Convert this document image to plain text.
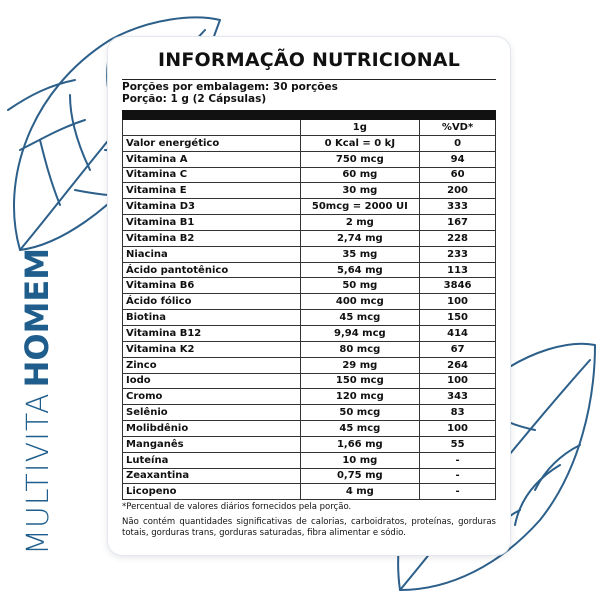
MULTIVITA HOMEM
INFORMAÇÃO NUTRICIONAL
Porções por embalagem: 30 porções
Porção: 1 g (2 Cápsulas)

	1g	%VD*
Valor energético	0 Kcal = 0 kJ	0
Vitamina A	750 mcg	94
Vitamina C	60 mg	60
Vitamina E	30 mg	200
Vitamina D3	50mcg = 2000 UI	333
Vitamina B1	2 mg	167
Vitamina B2	2,74 mg	228
Niacina	35 mg	233
Ácido pantotênico	5,64 mg	113
Vitamina B6	50 mg	3846
Ácido fólico	400 mcg	100
Biotina	45 mcg	150
Vitamina B12	9,94 mcg	414
Vitamina K2	80 mcg	67
Zinco	29 mg	264
Iodo	150 mcg	100
Cromo	120 mcg	343
Selênio	50 mcg	83
Molibdênio	45 mcg	100
Manganês	1,66 mg	55
Luteína	10 mg	-
Zeaxantina	0,75 mg	-
Licopeno	4 mg	-
*Percentual de valores diários fornecidos pela porção.
Não contém quantidades significativas de calorias, carboidratos, proteínas, gorduras totais, gorduras trans, gorduras saturadas, fibra alimentar e sódio.
